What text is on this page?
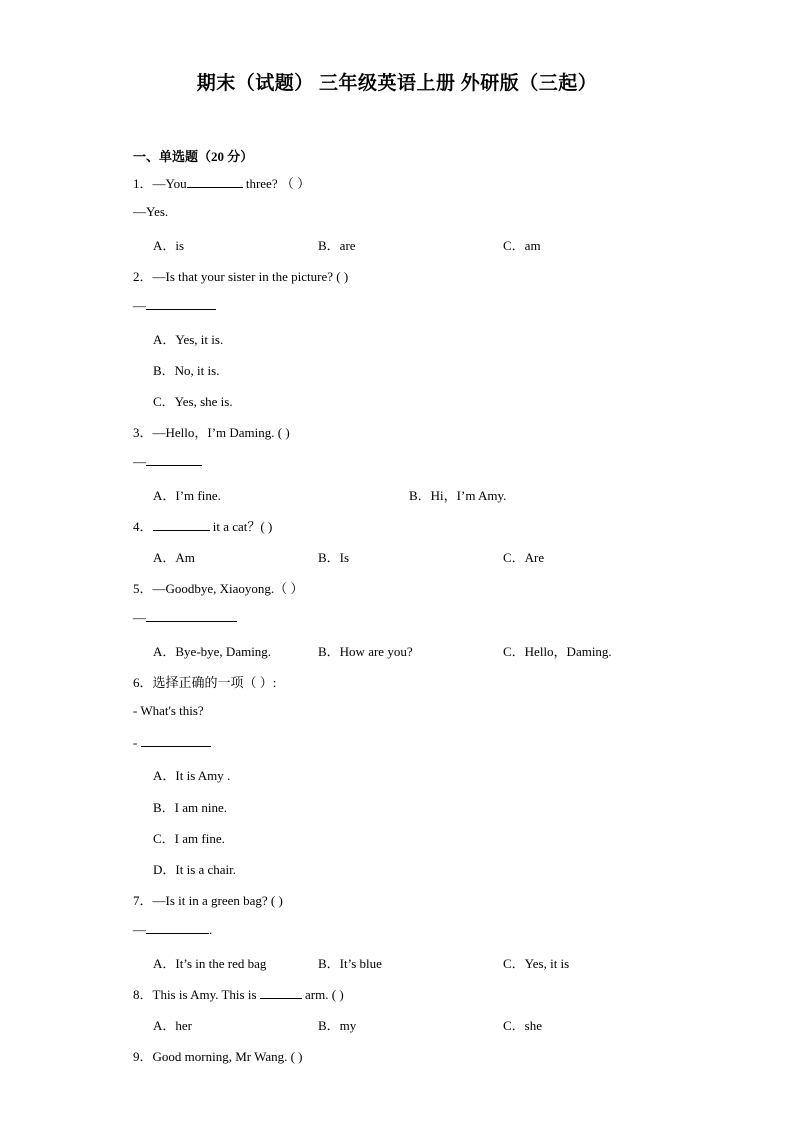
期末（试题） 三年级英语上册 外研版（三起）
一、单选题（20 分）
1．—You	three? （ ）
—Yes.
A．is	B．are	C．am
2．—Is that your sister in the picture? ( )
—
A．Yes, it is.
B．No, it is.
C．Yes, she is.
3．—Hello，I’m Daming. ( )
—
A．I’m fine.	B．Hi，I’m Amy.
4．	it a cat？( )
A．Am	B．Is	C．Are
5．—Goodbye, Xiaoyong.（ ）
—
A．Bye-bye, Daming.	B．How are you?	C．Hello，Daming.
6．选择正确的一项（ ）:
- What's this?
-
A．It is Amy .
B．I am nine.
C．I am fine.
D．It is a chair.
7．—Is it in a green bag? ( )
—	.
A．It’s in the red bag	B．It’s blue	C．Yes, it is
8．This is Amy. This is	arm. ( )
A．her	B．my	C．she
9．Good morning, Mr Wang. ( )
